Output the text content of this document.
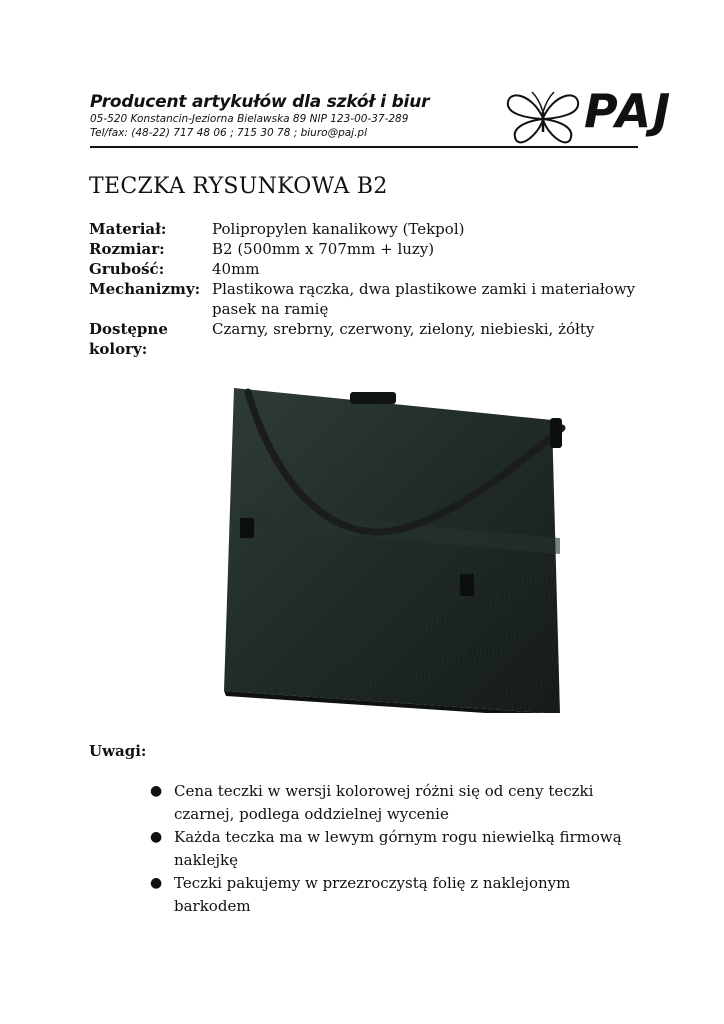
Producent artykułów dla szkół i biur
05-520 Konstancin-Jeziorna Bielawska 89 NIP 123-00-37-289
Tel/fax: (48-22) 717 48 06 ; 715 30 78 ; biuro@paj.pl	PAJ
TECZKA RYSUNKOWA B2
Materiał:	Polipropylen kanalikowy (Tekpol)
Rozmiar:	B2 (500mm x 707mm + luzy)
Grubość:	40mm
Mechanizmy: Plastikowa rączka, dwa plastikowe zamki i materiałowy pasek na ramię
Dostępne kolory:
Czarny, srebrny, czerwony, zielony, niebieski, żółty
Uwagi:
● Cena teczki w wersji kolorowej różni się od ceny teczki czarnej, podlega oddzielnej wycenie
● Każda teczka ma w lewym górnym rogu niewielką firmową naklejkę
● Teczki pakujemy w przezroczystą folię z naklejonym barkodem
